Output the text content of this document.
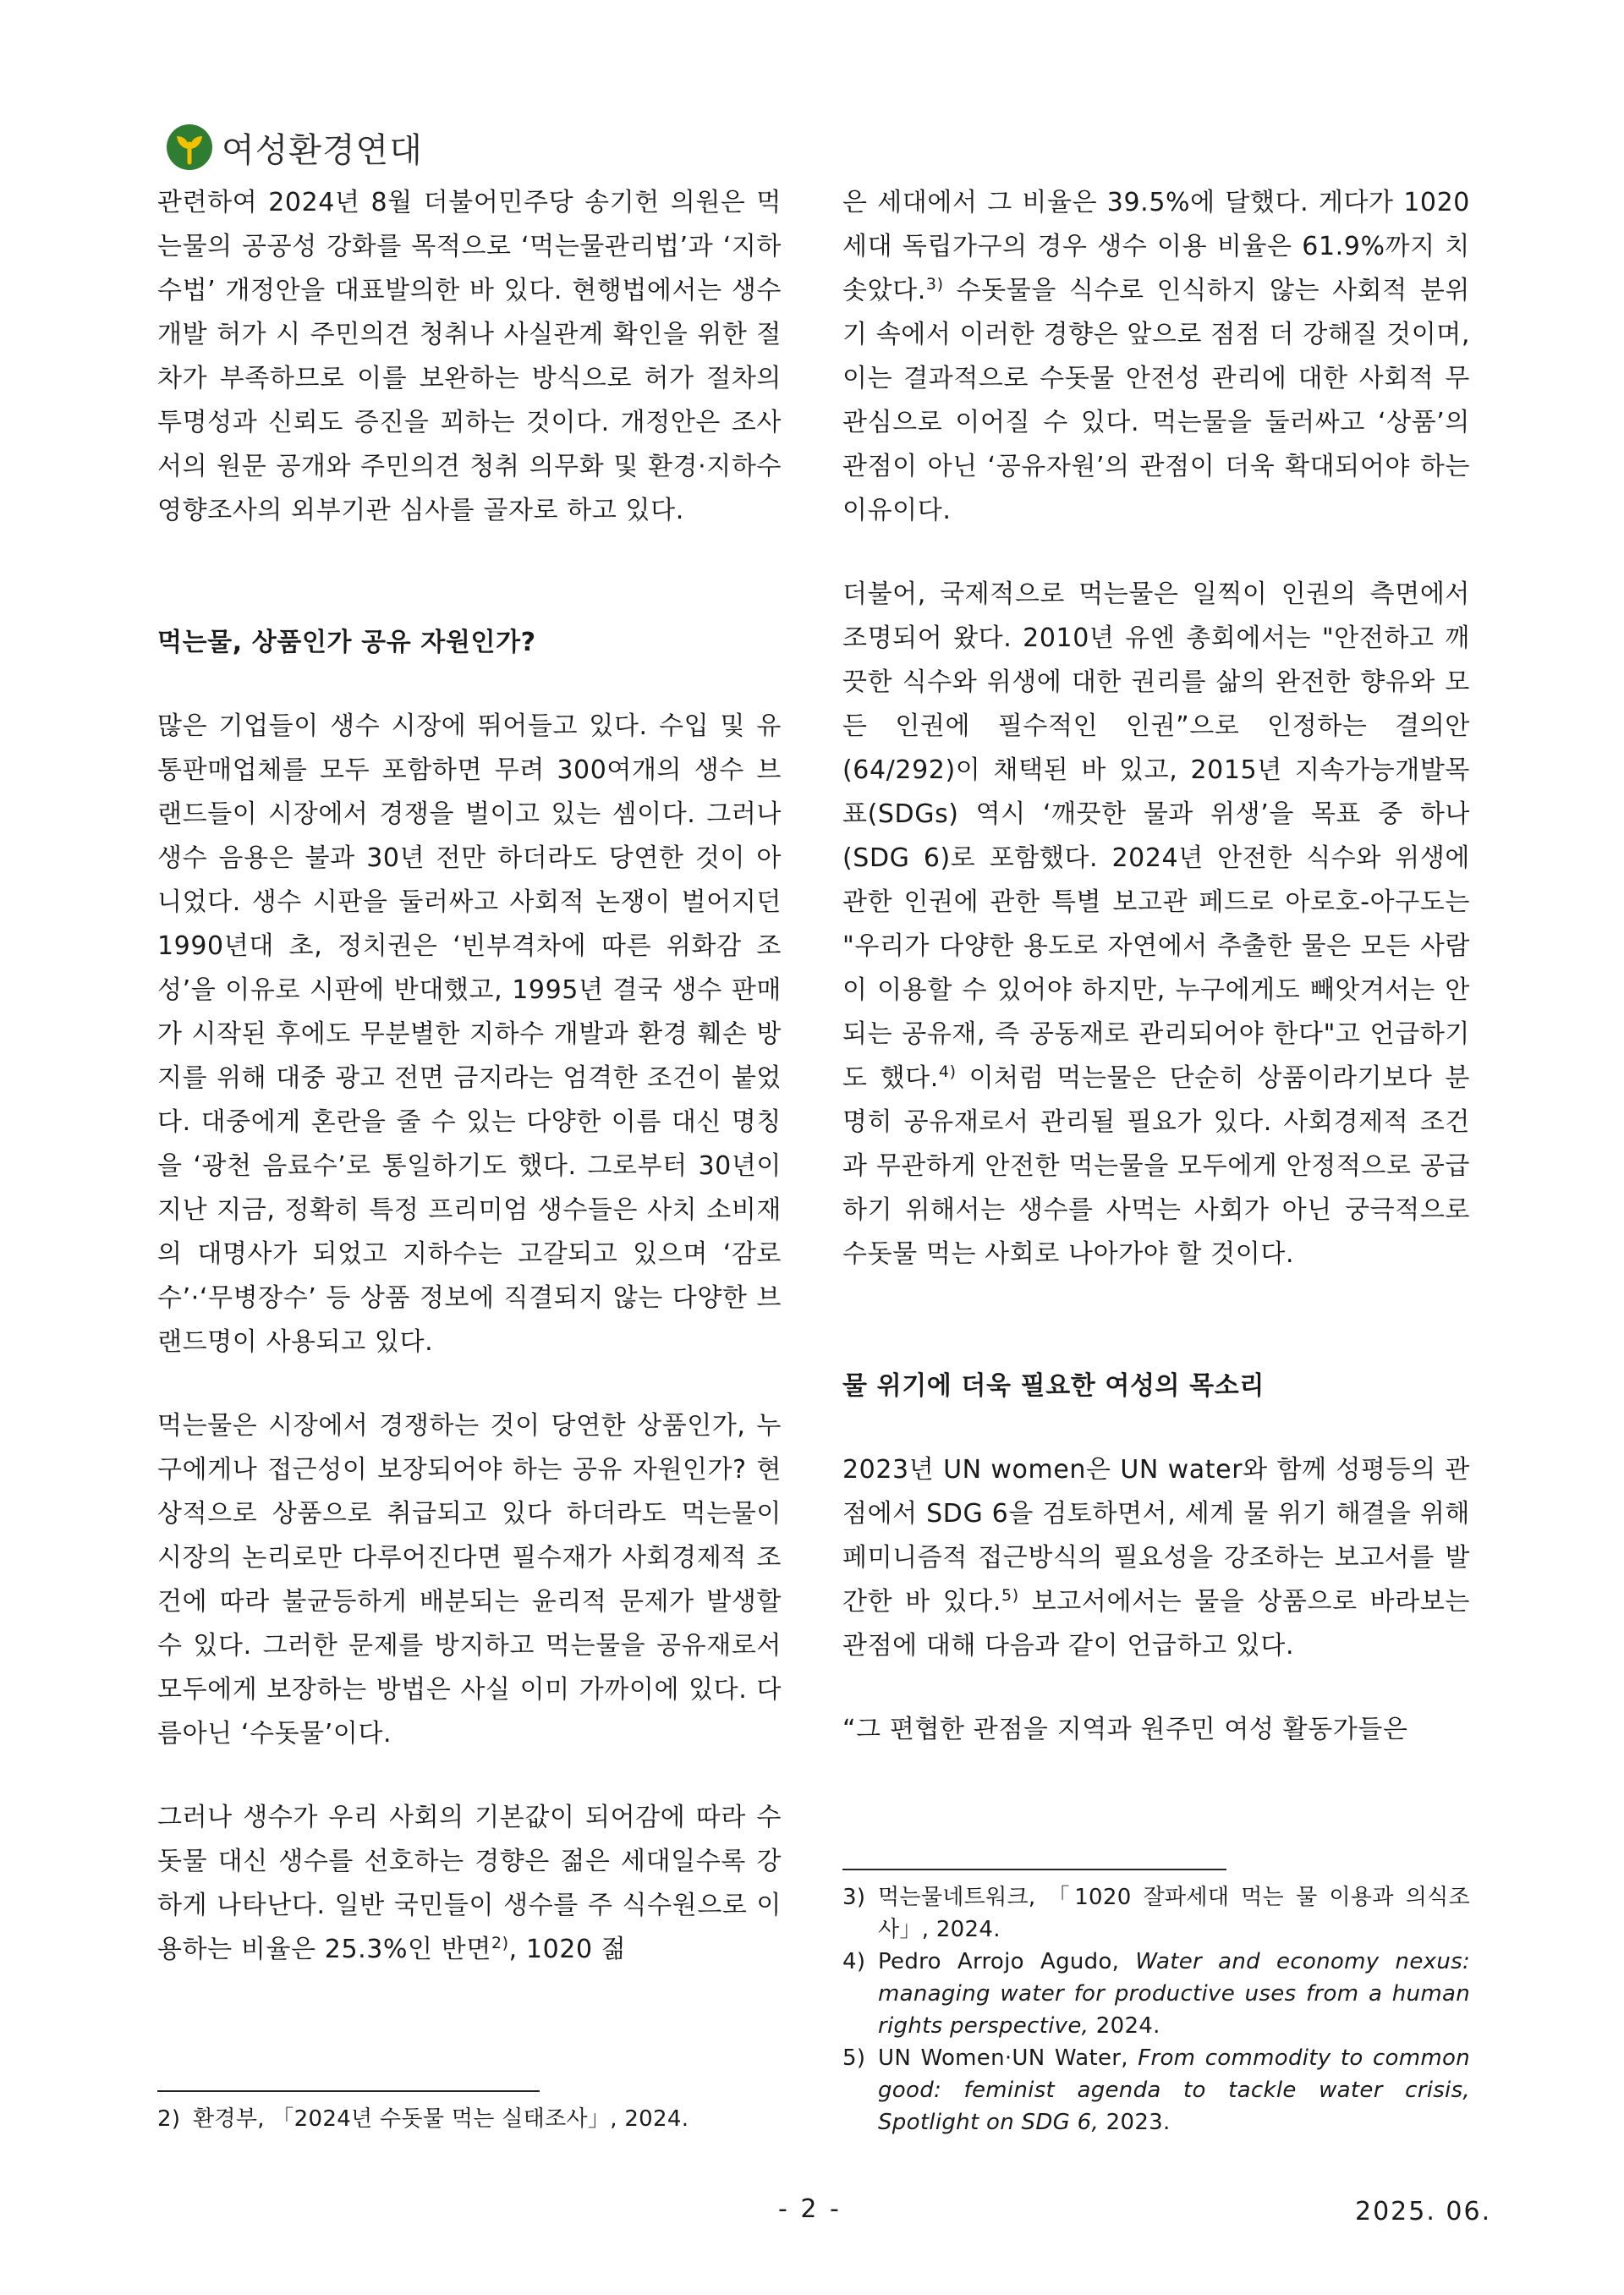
여성환경연대

관련하여 2024년 8월 더불어민주당 송기헌 의원은 먹는물의 공공성 강화를 목적으로 ‘먹는물관리법’과 ‘지하수법’ 개정안을 대표발의한 바 있다. 현행법에서는 생수 개발 허가 시 주민의견 청취나 사실관계 확인을 위한 절차가 부족하므로 이를 보완하는 방식으로 허가 절차의 투명성과 신뢰도 증진을 꾀하는 것이다. 개정안은 조사서의 원문 공개와 주민의견 청취 의무화 및 환경·지하수영향조사의 외부기관 심사를 골자로 하고 있다.

먹는물, 상품인가 공유 자원인가?

많은 기업들이 생수 시장에 뛰어들고 있다. 수입 및 유통판매업체를 모두 포함하면 무려 300여개의 생수 브랜드들이 시장에서 경쟁을 벌이고 있는 셈이다. 그러나 생수 음용은 불과 30년 전만 하더라도 당연한 것이 아니었다. 생수 시판을 둘러싸고 사회적 논쟁이 벌어지던 1990년대 초, 정치권은 ‘빈부격차에 따른 위화감 조성’을 이유로 시판에 반대했고, 1995년 결국 생수 판매가 시작된 후에도 무분별한 지하수 개발과 환경 훼손 방지를 위해 대중 광고 전면 금지라는 엄격한 조건이 붙었다. 대중에게 혼란을 줄 수 있는 다양한 이름 대신 명칭을 ‘광천 음료수’로 통일하기도 했다. 그로부터 30년이 지난 지금, 정확히 특정 프리미엄 생수들은 사치 소비재의 대명사가 되었고 지하수는 고갈되고 있으며 ‘감로수’·‘무병장수’ 등 상품 정보에 직결되지 않는 다양한 브랜드명이 사용되고 있다.

먹는물은 시장에서 경쟁하는 것이 당연한 상품인가, 누구에게나 접근성이 보장되어야 하는 공유 자원인가? 현상적으로 상품으로 취급되고 있다 하더라도 먹는물이 시장의 논리로만 다루어진다면 필수재가 사회경제적 조건에 따라 불균등하게 배분되는 윤리적 문제가 발생할 수 있다. 그러한 문제를 방지하고 먹는물을 공유재로서 모두에게 보장하는 방법은 사실 이미 가까이에 있다. 다름아닌 ‘수돗물’이다.

그러나 생수가 우리 사회의 기본값이 되어감에 따라 수돗물 대신 생수를 선호하는 경향은 젊은 세대일수록 강하게 나타난다. 일반 국민들이 생수를 주 식수원으로 이용하는 비율은 25.3%인 반면$^{2)}$, 1020 젊

2) 환경부, 「2024년 수돗물 먹는 실태조사」, 2024.

은 세대에서 그 비율은 39.5%에 달했다. 게다가 1020세대 독립가구의 경우 생수 이용 비율은 61.9%까지 치솟았다.$^{3)}$ 수돗물을 식수로 인식하지 않는 사회적 분위기 속에서 이러한 경향은 앞으로 점점 더 강해질 것이며, 이는 결과적으로 수돗물 안전성 관리에 대한 사회적 무관심으로 이어질 수 있다. 먹는물을 둘러싸고 ‘상품’의 관점이 아닌 ‘공유자원’의 관점이 더욱 확대되어야 하는 이유이다.

더불어, 국제적으로 먹는물은 일찍이 인권의 측면에서 조명되어 왔다. 2010년 유엔 총회에서는 "안전하고 깨끗한 식수와 위생에 대한 권리를 삶의 완전한 향유와 모든 인권에 필수적인 인권”으로 인정하는 결의안(64/292)이 채택된 바 있고, 2015년 지속가능개발목표(SDGs) 역시 ‘깨끗한 물과 위생’을 목표 중 하나(SDG 6)로 포함했다. 2024년 안전한 식수와 위생에 관한 인권에 관한 특별 보고관 페드로 아로호-아구도는 "우리가 다양한 용도로 자연에서 추출한 물은 모든 사람이 이용할 수 있어야 하지만, 누구에게도 빼앗겨서는 안 되는 공유재, 즉 공동재로 관리되어야 한다"고 언급하기도 했다.$^{4)}$ 이처럼 먹는물은 단순히 상품이라기보다 분명히 공유재로서 관리될 필요가 있다. 사회경제적 조건과 무관하게 안전한 먹는물을 모두에게 안정적으로 공급하기 위해서는 생수를 사먹는 사회가 아닌 궁극적으로 수돗물 먹는 사회로 나아가야 할 것이다.

물 위기에 더욱 필요한 여성의 목소리

2023년 UN women은 UN water와 함께 성평등의 관점에서 SDG 6을 검토하면서, 세계 물 위기 해결을 위해 페미니즘적 접근방식의 필요성을 강조하는 보고서를 발간한 바 있다.$^{5)}$ 보고서에서는 물을 상품으로 바라보는 관점에 대해 다음과 같이 언급하고 있다.

“그 편협한 관점을 지역과 원주민 여성 활동가들은

3) 먹는물네트워크, 「1020 잘파세대 먹는 물 이용과 의식조사」, 2024.
4) Pedro Arrojo Agudo, Water and economy nexus: managing water for productive uses from a human rights perspective, 2024.
5) UN Women·UN Water, From commodity to common good: feminist agenda to tackle water crisis, Spotlight on SDG 6, 2023.
- 2 -	2025. 06.
